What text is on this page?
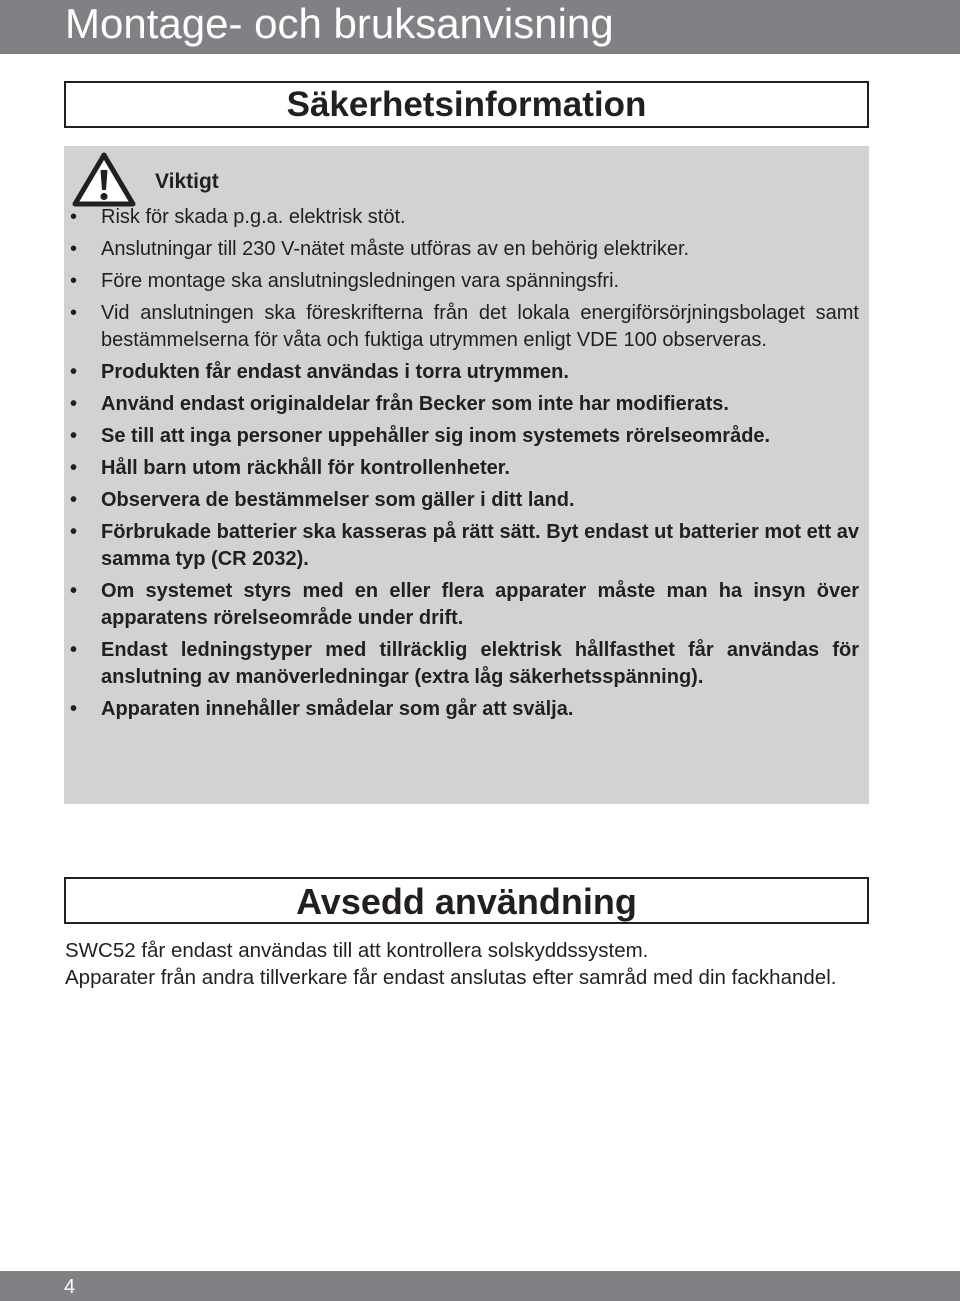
Montage- och bruksanvisning
Säkerhetsinformation
Viktigt
• Risk för skada p.g.a. elektrisk stöt.
• Anslutningar till 230 V-nätet måste utföras av en behörig elektriker.
• Före montage ska anslutningsledningen vara spänningsfri.
• Vid anslutningen ska föreskrifterna från det lokala energiförsörjningsbolaget samt bestämmelserna för våta och fuktiga utrymmen enligt VDE 100 observeras.
• Produkten får endast användas i torra utrymmen.
• Använd endast originaldelar från Becker som inte har modifierats.
• Se till att inga personer uppehåller sig inom systemets rörelseområde.
• Håll barn utom räckhåll för kontrollenheter.
• Observera de bestämmelser som gäller i ditt land.
• Förbrukade batterier ska kasseras på rätt sätt. Byt endast ut batterier mot ett av samma typ (CR 2032).
• Om systemet styrs med en eller flera apparater måste man ha insyn över apparatens rörelseområde under drift.
• Endast ledningstyper med tillräcklig elektrisk hållfasthet får användas för anslutning av manöverledningar (extra låg säkerhetsspänning).
• Apparaten innehåller smådelar som går att svälja.
Avsedd användning

SWC52 får endast användas till att kontrollera solskyddssystem.

Apparater från andra tillverkare får endast anslutas efter samråd med din fackhandel.

4
